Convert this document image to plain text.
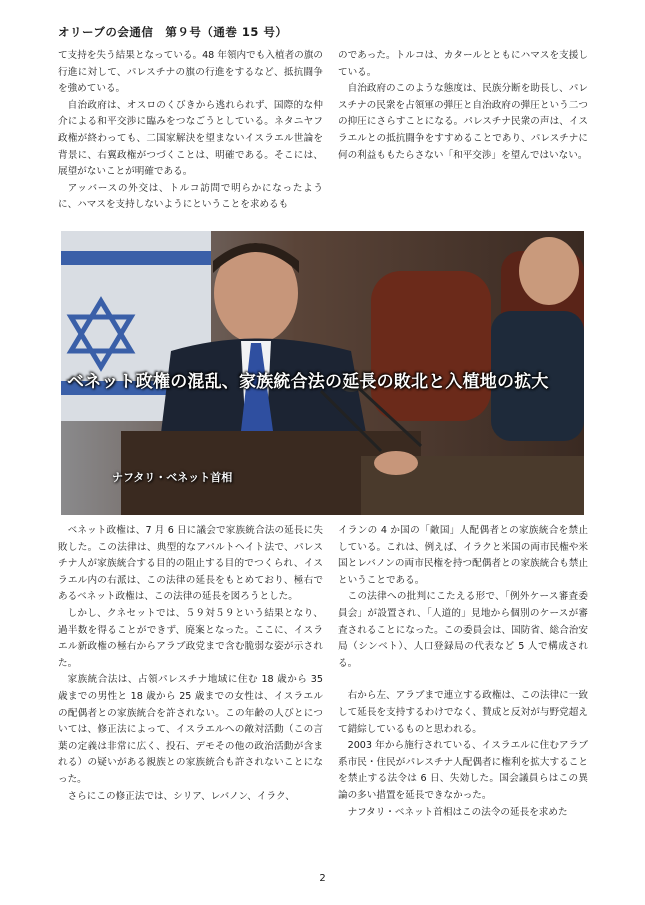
オリーブの会通信　第９号（通巻 15 号）

て支持を失う結果となっている。48 年領内でも入植者の旗の行進に対して、パレスチナの旗の行進をするなど、抵抗闘争を強めている。

自治政府は、オスロのくびきから逃れられず、国際的な仲介による和平交渉に臨みをつなごうとしている。ネタニヤフ政権が終わっても、二国家解決を望まないイスラエル世論を背景に、右翼政権がつづくことは、明確である。そこには、展望がないことが明確である。

アッバースの外交は、トルコ訪問で明らかになったように、ハマスを支持しないようにということを求めるも

のであった。トルコは、カタールとともにハマスを支援している。

自治政府のこのような態度は、民族分断を助長し、パレスチナの民衆を占領軍の弾圧と自治政府の弾圧という二つの抑圧にさらすことになる。パレスチナ民衆の声は、イスラエルとの抵抗闘争をすすめることであり、パレスチナに何の利益ももたらさない「和平交渉」を望んではいない。

ベネット政権の混乱、家族統合法の延長の敗北と入植地の拡大
ナフタリ・ベネット首相

ベネット政権は、7 月 6 日に議会で家族統合法の延長に失敗した。この法律は、典型的なアパルトヘイト法で、パレスチナ人が家族統合する目的の阻止する目的でつくられ、イスラエル内の右派は、この法律の延長をもとめており、極右であるベネット政権は、この法律の延長を図ろうとした。

しかし、クネセットでは、５９対５９という結果となり、過半数を得ることができず、廃案となった。ここに、イスラエル新政権の極右からアラブ政党まで含む脆弱な姿が示された。

家族統合法は、占領パレスチナ地域に住む 18 歳から 35 歳までの男性と 18 歳から 25 歳までの女性は、イスラエルの配偶者との家族統合を許されない。この年齢の人びとについては、修正法によって、イスラエルへの敵対活動（この言葉の定義は非常に広く、投石、デモその他の政治活動が含まれる）の疑いがある親族との家族統合も許されないことになった。

さらにこの修正法では、シリア、レバノン、イラク、

イランの 4 か国の「敵国」人配偶者との家族統合を禁止している。これは、例えば、イラクと米国の両市民権や米国とレバノンの両市民権を持つ配偶者との家族統合も禁止ということである。

この法律への批判にこたえる形で、「例外ケース審査委員会」が設置され、「人道的」見地から個別のケースが審査されることになった。この委員会は、国防省、総合治安局（シンベト）、人口登録局の代表など 5 人で構成される。

右から左、アラブまで連立する政権は、この法律に一致して延長を支持するわけでなく、賛成と反対が与野党超えて錯綜しているものと思われる。

2003 年から施行されている、イスラエルに住むアラブ系市民・住民がパレスチナ人配偶者に権利を拡大することを禁止する法令は 6 日、失効した。国会議員らはこの異論の多い措置を延長できなかった。

ナフタリ・ベネット首相はこの法令の延長を求めた

2
